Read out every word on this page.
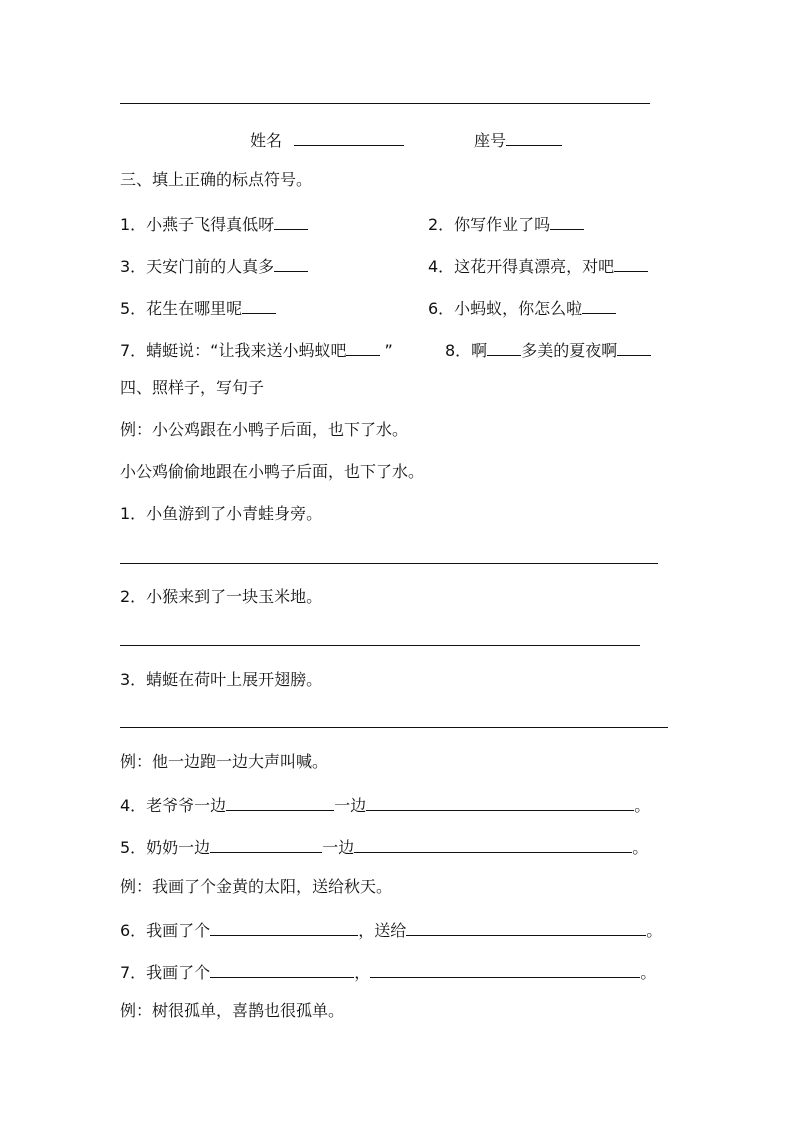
姓名	座号
三、填上正确的标点符号。
1．小燕子飞得真低呀	2．你写作业了吗
3．天安门前的人真多	4．这花开得真漂亮，对吧
5．花生在哪里呢	6．小蚂蚁，你怎么啦
7．蜻蜓说：“让我来送小蚂蚁吧 ”	8．啊 多美的夏夜啊
四、照样子，写句子
例：小公鸡跟在小鸭子后面，也下了水。
小公鸡偷偷地跟在小鸭子后面，也下了水。
1．小鱼游到了小青蛙身旁。
2．小猴来到了一块玉米地。
3．蜻蜓在荷叶上展开翅膀。
例：他一边跑一边大声叫喊。
4．老爷爷一边	一边	。
5．奶奶一边	一边	。
例：我画了个金黄的太阳，送给秋天。
6．我画了个	，送给	。
7．我画了个	，	。
例：树很孤单，喜鹊也很孤单。
